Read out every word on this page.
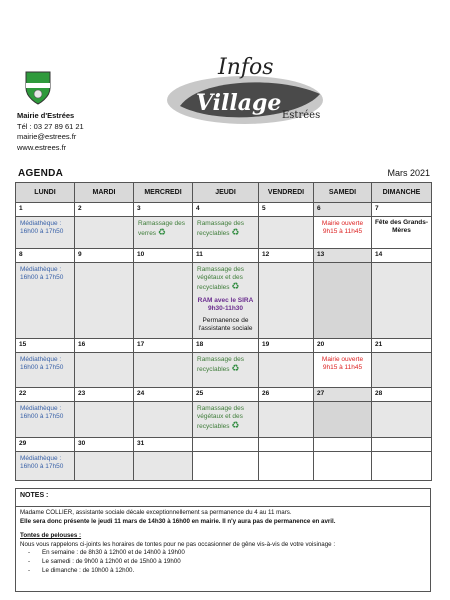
Mairie d'Estrées
Tél : 03 27 89 61 21
mairie@estrees.fr
www.estrees.fr
Infos
Village Estrées
AGENDA	Mars 2021
LUNDI	MARDI	MERCREDI	JEUDI	VENDREDI	SAMEDI	DIMANCHE
1	2	3	4	5	6	7

Médiathèque : 16h00 à 17h50		Ramassage des verres ♻	Ramassage des recyclables ♻		Mairie ouverte
9h15 à 11h45	Fête des Grands-Mères

8	9	10	11	12	13	14

Médiathèque : 16h00 à 17h50			Ramassage des végétaux et des recyclables ♻
RAM avec le SIRA
9h30-11h30
Permanence de l'assistante sociale			

15	16	17	18	19	20	21

Médiathèque : 16h00 à 17h50			Ramassage des recyclables ♻		Mairie ouverte
9h15 à 11h45	

22	23	24	25	26	27	28

Médiathèque : 16h00 à 17h50			Ramassage des végétaux et des recyclables ♻			

29	30	31				

Médiathèque : 16h00 à 17h50						

NOTES :

Madame COLLIER, assistante sociale décale exceptionnellement sa permanence du 4 au 11 mars.

Elle sera donc présente le jeudi 11 mars de 14h30 à 16h00 en mairie. Il n'y aura pas de permanence en avril.

Tontes de pelouses :

Nous vous rappelons ci-joints les horaires de tontes pour ne pas occasionner de gêne vis-à-vis de votre voisinage :

- En semaine : de 8h30 à 12h00 et de 14h00 à 19h00
- Le samedi : de 9h00 à 12h00 et de 15h00 à 19h00
- Le dimanche : de 10h00 à 12h00.
